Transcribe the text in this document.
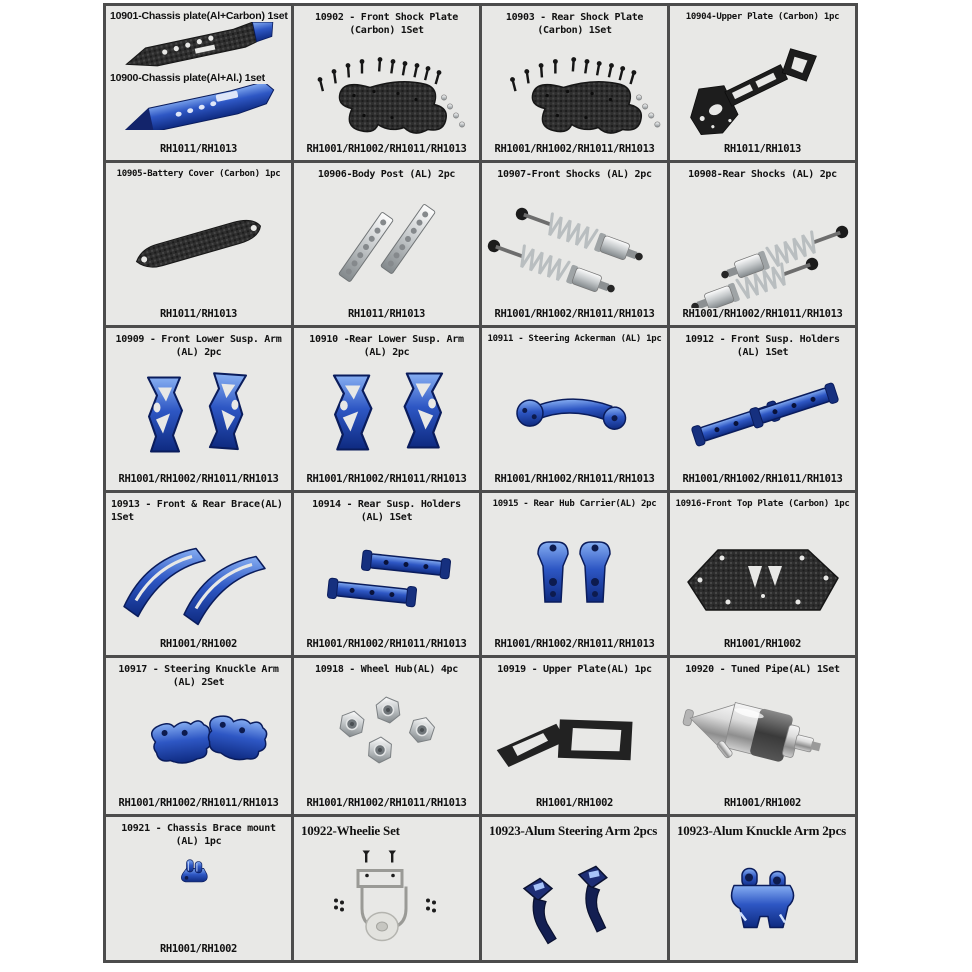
10901-Chassis plate(Al+Carbon) 1set
10900-Chassis plate(Al+Al.) 1set
RH1011/RH1013
10902 - Front Shock Plate
(Carbon) 1Set
RH1001/RH1002/RH1011/RH1013
10903 - Rear Shock Plate
(Carbon) 1Set
RH1001/RH1002/RH1011/RH1013
10904-Upper Plate (Carbon) 1pc
RH1011/RH1013
10905-Battery Cover (Carbon) 1pc
RH1011/RH1013
10906-Body Post (AL) 2pc
RH1011/RH1013
10907-Front Shocks (AL) 2pc
RH1001/RH1002/RH1011/RH1013
10908-Rear Shocks (AL) 2pc
RH1001/RH1002/RH1011/RH1013
10909 - Front Lower Susp. Arm
(AL) 2pc
RH1001/RH1002/RH1011/RH1013
10910 -Rear Lower Susp. Arm
(AL) 2pc
RH1001/RH1002/RH1011/RH1013
10911 - Steering Ackerman (AL) 1pc
RH1001/RH1002/RH1011/RH1013
10912 - Front Susp. Holders
(AL) 1Set
RH1001/RH1002/RH1011/RH1013
10913 - Front & Rear Brace(AL)
1Set
RH1001/RH1002
10914 - Rear Susp. Holders
(AL) 1Set
RH1001/RH1002/RH1011/RH1013
10915 - Rear Hub Carrier(AL) 2pc
RH1001/RH1002/RH1011/RH1013
10916-Front Top Plate (Carbon) 1pc
RH1001/RH1002
10917 - Steering Knuckle Arm
(AL) 2Set
RH1001/RH1002/RH1011/RH1013
10918 - Wheel Hub(AL) 4pc
RH1001/RH1002/RH1011/RH1013
10919 - Upper Plate(AL) 1pc
RH1001/RH1002
10920 - Tuned Pipe(AL) 1Set
RH1001/RH1002
10921 - Chassis Brace mount
(AL) 1pc
RH1001/RH1002
10922-Wheelie Set	10923-Alum Steering Arm 2pcs	10923-Alum Knuckle Arm 2pcs
